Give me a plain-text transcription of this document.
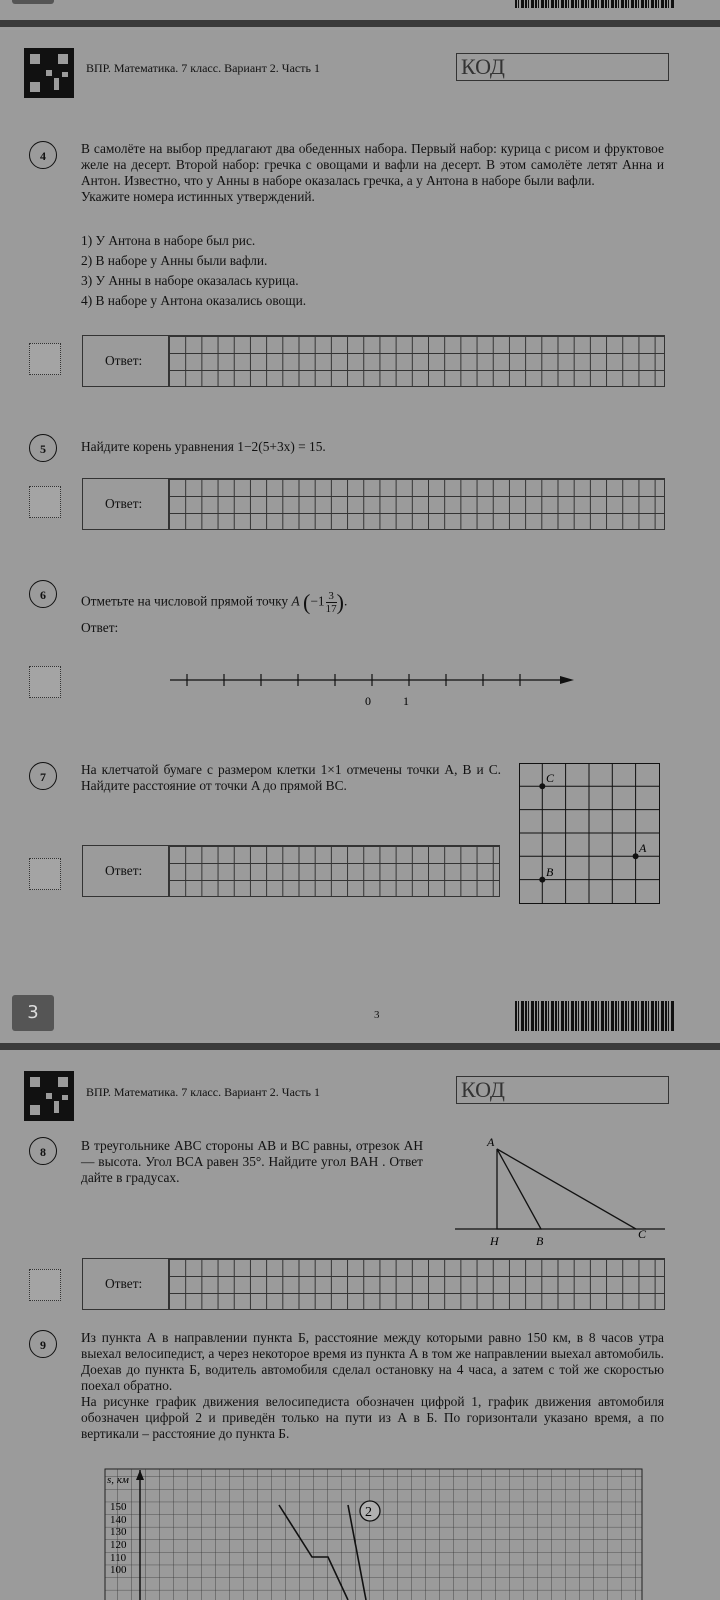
ВПР. Математика. 7 класс. Вариант 2. Часть 1	КОД
4	В самолёте на выбор предлагают два обеденных набора. Первый набор: курица с рисом и фруктовое желе на десерт. Второй набор: гречка с овощами и вафли на десерт. В этом самолёте летят Анна и Антон. Известно, что у Анны в наборе оказалась гречка, а у Антона в наборе были вафли.
Укажите номера истинных утверждений.
1) У Антона в наборе был рис.
2) В наборе у Анны были вафли.
3) У Анны в наборе оказалась курица.
4) В наборе у Антона оказались овощи.
Ответ:
5	Найдите корень уравнения 1−2(5+3x) = 15.
Ответ:
6	Отметьте на числовой прямой точку A ($-1 \frac{3}{17}$ ).
Ответ:
0	1
7	На клетчатой бумаге с размером клетки 1×1 отмечены точки A, B и C. Найдите расстояние от точки A до прямой BC.
Ответ:
C
B
A
3	3
ВПР. Математика. 7 класс. Вариант 2. Часть 1	КОД
8	В треугольнике ABC стороны AB и BC равны, отрезок AH — высота. Угол BCA равен 35°. Найдите угол BAH . Ответ дайте в градусах.
A
H	B	C
Ответ:
9	Из пункта А в направлении пункта Б, расстояние между которыми равно 150 км, в 8 часов утра выехал велосипедист, а через некоторое время из пункта А в том же направлении выехал автомобиль. Доехав до пункта Б, водитель автомобиля сделал остановку на 4 часа, а затем с той же скоростью поехал обратно.
На рисунке график движения велосипедиста обозначен цифрой 1, график движения автомобиля обозначен цифрой 2 и приведён только на пути из А в Б. По горизонтали указано время, а по вертикали – расстояние до пункта Б.
s, км
150
140
130
120
110
100
2
